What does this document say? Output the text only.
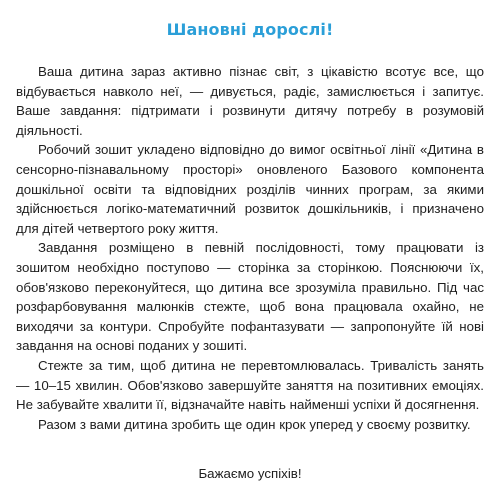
Шановні дорослі!

Ваша дитина зараз активно пізнає світ, з цікавістю всотує все, що відбувається навколо неї, — дивується, радіє, замислюється і запитує. Ваше завдання: підтримати і розвинути дитячу потребу в розумовій діяльності.

Робочий зошит укладено відповідно до вимог освітньої лінії «Дитина в сенсорно-пізнавальному просторі» оновленого Базового компонента дошкільної освіти та відповідних розділів чинних програм, за якими здійснюється логіко-математичний розвиток дошкільників, і призначено для дітей четвертого року життя.

Завдання розміщено в певній послідовності, тому працювати із зошитом необхідно поступово — сторінка за сторінкою. Пояснюючи їх, обов'язково переконуйтеся, що дитина все зрозуміла правильно. Під час розфарбовування малюнків стежте, щоб вона працювала охайно, не виходячи за контури. Спробуйте пофантазувати — запропонуйте їй нові завдання на основі поданих у зошиті.

Стежте за тим, щоб дитина не перевтомлювалась. Тривалість занять — 10–15 хвилин. Обов'язково завершуйте заняття на позитивних емоціях. Не забувайте хвалити її, відзначайте навіть найменші успіхи й досягнення.

Разом з вами дитина зробить ще один крок уперед у своєму розвитку.

Бажаємо успіхів!
